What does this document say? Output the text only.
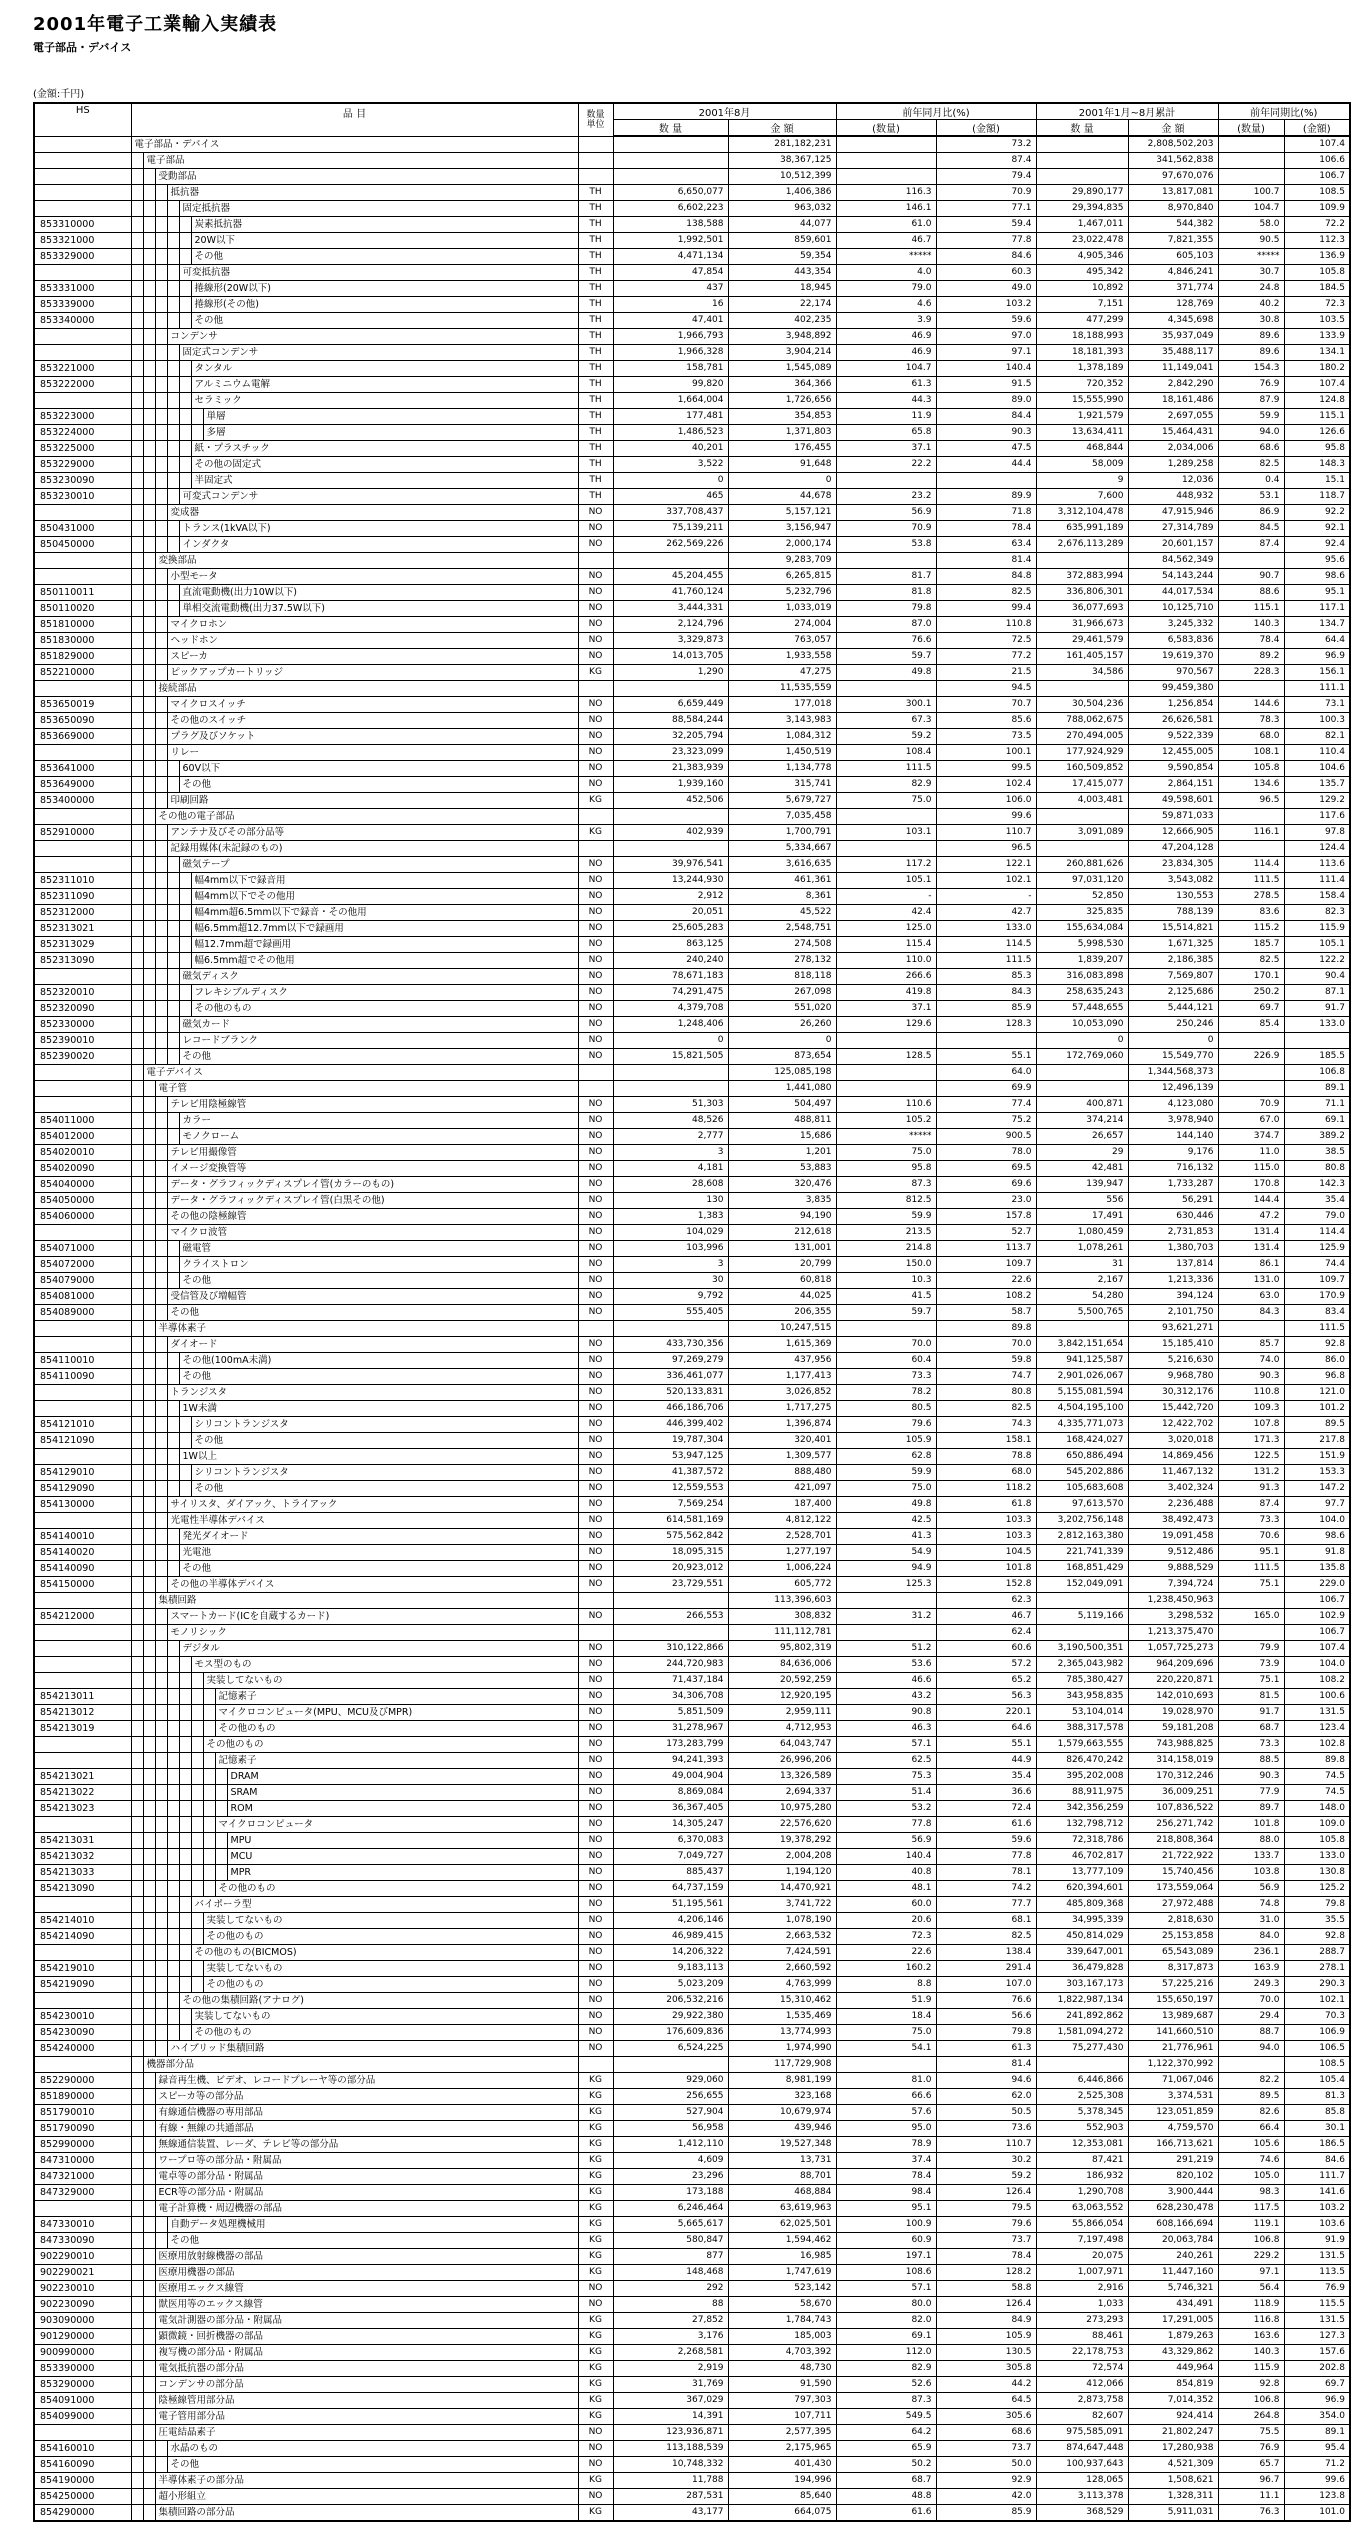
2001年電子工業輸入実績表
電子部品・デバイス
(金額:千円)
HS	品 目	数量
単位	2001年8月		前年同月比(%)		2001年1月~8月累計		前年同期比(%)	
			数 量	金 額	(数量)	(金額)	数 量	金 額	(数量)	(金額)

	電子部品・デバイス			281,182,231		73.2		2,808,502,203		107.4

	電子部品			38,367,125		87.4		341,562,838		106.6

	受動部品			10,512,399		79.4		97,670,076		106.7

	抵抗器	TH	6,650,077	1,406,386	116.3	70.9	29,890,177	13,817,081	100.7	108.5

	固定抵抗器	TH	6,602,223	963,032	146.1	77.1	29,394,835	8,970,840	104.7	109.9
853310000	炭素抵抗器	TH	138,588	44,077	61.0	59.4	1,467,011	544,382	58.0	72.2
853321000	20W以下	TH	1,992,501	859,601	46.7	77.8	23,022,478	7,821,355	90.5	112.3
853329000	その他	TH	4,471,134	59,354	*****	84.6	4,905,346	605,103	*****	136.9

	可変抵抗器	TH	47,854	443,354	4.0	60.3	495,342	4,846,241	30.7	105.8
853331000	捲線形(20W以下)	TH	437	18,945	79.0	49.0	10,892	371,774	24.8	184.5
853339000	捲線形(その他)	TH	16	22,174	4.6	103.2	7,151	128,769	40.2	72.3
853340000	その他	TH	47,401	402,235	3.9	59.6	477,299	4,345,698	30.8	103.5

	コンデンサ	TH	1,966,793	3,948,892	46.9	97.0	18,188,993	35,937,049	89.6	133.9

	固定式コンデンサ	TH	1,966,328	3,904,214	46.9	97.1	18,181,393	35,488,117	89.6	134.1
853221000	タンタル	TH	158,781	1,545,089	104.7	140.4	1,378,189	11,149,041	154.3	180.2
853222000	アルミニウム電解	TH	99,820	364,366	61.3	91.5	720,352	2,842,290	76.9	107.4

	セラミック	TH	1,664,004	1,726,656	44.3	89.0	15,555,990	18,161,486	87.9	124.8
853223000	単層	TH	177,481	354,853	11.9	84.4	1,921,579	2,697,055	59.9	115.1
853224000	多層	TH	1,486,523	1,371,803	65.8	90.3	13,634,411	15,464,431	94.0	126.6
853225000	紙・プラスチック	TH	40,201	176,455	37.1	47.5	468,844	2,034,006	68.6	95.8
853229000	その他の固定式	TH	3,522	91,648	22.2	44.4	58,009	1,289,258	82.5	148.3
853230090	半固定式	TH	0	0			9	12,036	0.4	15.1
853230010	可変式コンデンサ	TH	465	44,678	23.2	89.9	7,600	448,932	53.1	118.7

	変成器	NO	337,708,437	5,157,121	56.9	71.8	3,312,104,478	47,915,946	86.9	92.2
850431000	トランス(1kVA以下)	NO	75,139,211	3,156,947	70.9	78.4	635,991,189	27,314,789	84.5	92.1
850450000	インダクタ	NO	262,569,226	2,000,174	53.8	63.4	2,676,113,289	20,601,157	87.4	92.4

	変換部品			9,283,709		81.4		84,562,349		95.6

	小型モータ	NO	45,204,455	6,265,815	81.7	84.8	372,883,994	54,143,244	90.7	98.6
850110011	直流電動機(出力10W以下)	NO	41,760,124	5,232,796	81.8	82.5	336,806,301	44,017,534	88.6	95.1
850110020	単相交流電動機(出力37.5W以下)	NO	3,444,331	1,033,019	79.8	99.4	36,077,693	10,125,710	115.1	117.1
851810000	マイクロホン	NO	2,124,796	274,004	87.0	110.8	31,966,673	3,245,332	140.3	134.7
851830000	ヘッドホン	NO	3,329,873	763,057	76.6	72.5	29,461,579	6,583,836	78.4	64.4
851829000	スピーカ	NO	14,013,705	1,933,558	59.7	77.2	161,405,157	19,619,370	89.2	96.9
852210000	ピックアップカートリッジ	KG	1,290	47,275	49.8	21.5	34,586	970,567	228.3	156.1

	接続部品			11,535,559		94.5		99,459,380		111.1
853650019	マイクロスイッチ	NO	6,659,449	177,018	300.1	70.7	30,504,236	1,256,854	144.6	73.1
853650090	その他のスイッチ	NO	88,584,244	3,143,983	67.3	85.6	788,062,675	26,626,581	78.3	100.3
853669000	プラグ及びソケット	NO	32,205,794	1,084,312	59.2	73.5	270,494,005	9,522,339	68.0	82.1

	リレー	NO	23,323,099	1,450,519	108.4	100.1	177,924,929	12,455,005	108.1	110.4
853641000	60V以下	NO	21,383,939	1,134,778	111.5	99.5	160,509,852	9,590,854	105.8	104.6
853649000	その他	NO	1,939,160	315,741	82.9	102.4	17,415,077	2,864,151	134.6	135.7
853400000	印刷回路	KG	452,506	5,679,727	75.0	106.0	4,003,481	49,598,601	96.5	129.2

	その他の電子部品			7,035,458		99.6		59,871,033		117.6
852910000	アンテナ及びその部分品等	KG	402,939	1,700,791	103.1	110.7	3,091,089	12,666,905	116.1	97.8

	記録用媒体(未記録のもの)			5,334,667		96.5		47,204,128		124.4

	磁気テープ	NO	39,976,541	3,616,635	117.2	122.1	260,881,626	23,834,305	114.4	113.6
852311010	幅4mm以下で録音用	NO	13,244,930	461,361	105.1	102.1	97,031,120	3,543,082	111.5	111.4
852311090	幅4mm以下でその他用	NO	2,912	8,361	-	-	52,850	130,553	278.5	158.4
852312000	幅4mm超6.5mm以下で録音・その他用	NO	20,051	45,522	42.4	42.7	325,835	788,139	83.6	82.3
852313021	幅6.5mm超12.7mm以下で録画用	NO	25,605,283	2,548,751	125.0	133.0	155,634,084	15,514,821	115.2	115.9
852313029	幅12.7mm超で録画用	NO	863,125	274,508	115.4	114.5	5,998,530	1,671,325	185.7	105.1
852313090	幅6.5mm超でその他用	NO	240,240	278,132	110.0	111.5	1,839,207	2,186,385	82.5	122.2

	磁気ディスク	NO	78,671,183	818,118	266.6	85.3	316,083,898	7,569,807	170.1	90.4
852320010	フレキシブルディスク	NO	74,291,475	267,098	419.8	84.3	258,635,243	2,125,686	250.2	87.1
852320090	その他のもの	NO	4,379,708	551,020	37.1	85.9	57,448,655	5,444,121	69.7	91.7
852330000	磁気カード	NO	1,248,406	26,260	129.6	128.3	10,053,090	250,246	85.4	133.0
852390010	レコードブランク	NO	0	0			0	0		
852390020	その他	NO	15,821,505	873,654	128.5	55.1	172,769,060	15,549,770	226.9	185.5

	電子デバイス			125,085,198		64.0		1,344,568,373		106.8

	電子管			1,441,080		69.9		12,496,139		89.1

	テレビ用陰極線管	NO	51,303	504,497	110.6	77.4	400,871	4,123,080	70.9	71.1
854011000	カラー	NO	48,526	488,811	105.2	75.2	374,214	3,978,940	67.0	69.1
854012000	モノクローム	NO	2,777	15,686	*****	900.5	26,657	144,140	374.7	389.2
854020010	テレビ用撮像管	NO	3	1,201	75.0	78.0	29	9,176	11.0	38.5
854020090	イメージ変換管等	NO	4,181	53,883	95.8	69.5	42,481	716,132	115.0	80.8
854040000	データ・グラフィックディスプレイ管(カラーのもの)	NO	28,608	320,476	87.3	69.6	139,947	1,733,287	170.8	142.3
854050000	データ・グラフィックディスプレイ管(白黒その他)	NO	130	3,835	812.5	23.0	556	56,291	144.4	35.4
854060000	その他の陰極線管	NO	1,383	94,190	59.9	157.8	17,491	630,446	47.2	79.0

	マイクロ波管	NO	104,029	212,618	213.5	52.7	1,080,459	2,731,853	131.4	114.4
854071000	磁電管	NO	103,996	131,001	214.8	113.7	1,078,261	1,380,703	131.4	125.9
854072000	クライストロン	NO	3	20,799	150.0	109.7	31	137,814	86.1	74.4
854079000	その他	NO	30	60,818	10.3	22.6	2,167	1,213,336	131.0	109.7
854081000	受信管及び増幅管	NO	9,792	44,025	41.5	108.2	54,280	394,124	63.0	170.9
854089000	その他	NO	555,405	206,355	59.7	58.7	5,500,765	2,101,750	84.3	83.4

	半導体素子			10,247,515		89.8		93,621,271		111.5

	ダイオード	NO	433,730,356	1,615,369	70.0	70.0	3,842,151,654	15,185,410	85.7	92.8
854110010	その他(100mA未満)	NO	97,269,279	437,956	60.4	59.8	941,125,587	5,216,630	74.0	86.0
854110090	その他	NO	336,461,077	1,177,413	73.3	74.7	2,901,026,067	9,968,780	90.3	96.8

	トランジスタ	NO	520,133,831	3,026,852	78.2	80.8	5,155,081,594	30,312,176	110.8	121.0

	1W未満	NO	466,186,706	1,717,275	80.5	82.5	4,504,195,100	15,442,720	109.3	101.2
854121010	シリコントランジスタ	NO	446,399,402	1,396,874	79.6	74.3	4,335,771,073	12,422,702	107.8	89.5
854121090	その他	NO	19,787,304	320,401	105.9	158.1	168,424,027	3,020,018	171.3	217.8

	1W以上	NO	53,947,125	1,309,577	62.8	78.8	650,886,494	14,869,456	122.5	151.9
854129010	シリコントランジスタ	NO	41,387,572	888,480	59.9	68.0	545,202,886	11,467,132	131.2	153.3
854129090	その他	NO	12,559,553	421,097	75.0	118.2	105,683,608	3,402,324	91.3	147.2
854130000	サイリスタ、ダイアック、トライアック	NO	7,569,254	187,400	49.8	61.8	97,613,570	2,236,488	87.4	97.7

	光電性半導体デバイス	NO	614,581,169	4,812,122	42.5	103.3	3,202,756,148	38,492,473	73.3	104.0
854140010	発光ダイオード	NO	575,562,842	2,528,701	41.3	103.3	2,812,163,380	19,091,458	70.6	98.6
854140020	光電池	NO	18,095,315	1,277,197	54.9	104.5	221,741,339	9,512,486	95.1	91.8
854140090	その他	NO	20,923,012	1,006,224	94.9	101.8	168,851,429	9,888,529	111.5	135.8
854150000	その他の半導体デバイス	NO	23,729,551	605,772	125.3	152.8	152,049,091	7,394,724	75.1	229.0

	集積回路			113,396,603		62.3		1,238,450,963		106.7
854212000	スマートカード(ICを自蔵するカード)	NO	266,553	308,832	31.2	46.7	5,119,166	3,298,532	165.0	102.9

	モノリシック			111,112,781		62.4		1,213,375,470		106.7

	デジタル	NO	310,122,866	95,802,319	51.2	60.6	3,190,500,351	1,057,725,273	79.9	107.4

	モス型のもの	NO	244,720,983	84,636,006	53.6	57.2	2,365,043,982	964,209,696	73.9	104.0

	実装してないもの	NO	71,437,184	20,592,259	46.6	65.2	785,380,427	220,220,871	75.1	108.2
854213011	記憶素子	NO	34,306,708	12,920,195	43.2	56.3	343,958,835	142,010,693	81.5	100.6
854213012	マイクロコンピュータ(MPU、MCU及びMPR)	NO	5,851,509	2,959,111	90.8	220.1	53,104,014	19,028,970	91.7	131.5
854213019	その他のもの	NO	31,278,967	4,712,953	46.3	64.6	388,317,578	59,181,208	68.7	123.4

	その他のもの	NO	173,283,799	64,043,747	57.1	55.1	1,579,663,555	743,988,825	73.3	102.8

	記憶素子	NO	94,241,393	26,996,206	62.5	44.9	826,470,242	314,158,019	88.5	89.8
854213021	DRAM	NO	49,004,904	13,326,589	75.3	35.4	395,202,008	170,312,246	90.3	74.5
854213022	SRAM	NO	8,869,084	2,694,337	51.4	36.6	88,911,975	36,009,251	77.9	74.5
854213023	ROM	NO	36,367,405	10,975,280	53.2	72.4	342,356,259	107,836,522	89.7	148.0

	マイクロコンピュータ	NO	14,305,247	22,576,620	77.8	61.6	132,798,712	256,271,742	101.8	109.0
854213031	MPU	NO	6,370,083	19,378,292	56.9	59.6	72,318,786	218,808,364	88.0	105.8
854213032	MCU	NO	7,049,727	2,004,208	140.4	77.8	46,702,817	21,722,922	133.7	133.0
854213033	MPR	NO	885,437	1,194,120	40.8	78.1	13,777,109	15,740,456	103.8	130.8
854213090	その他のもの	NO	64,737,159	14,470,921	48.1	74.2	620,394,601	173,559,064	56.9	125.2

	バイポーラ型	NO	51,195,561	3,741,722	60.0	77.7	485,809,368	27,972,488	74.8	79.8
854214010	実装してないもの	NO	4,206,146	1,078,190	20.6	68.1	34,995,339	2,818,630	31.0	35.5
854214090	その他のもの	NO	46,989,415	2,663,532	72.3	82.5	450,814,029	25,153,858	84.0	92.8

	その他のもの(BICMOS)	NO	14,206,322	7,424,591	22.6	138.4	339,647,001	65,543,089	236.1	288.7
854219010	実装してないもの	NO	9,183,113	2,660,592	160.2	291.4	36,479,828	8,317,873	163.9	278.1
854219090	その他のもの	NO	5,023,209	4,763,999	8.8	107.0	303,167,173	57,225,216	249.3	290.3

	その他の集積回路(アナログ)	NO	206,532,216	15,310,462	51.9	76.6	1,822,987,134	155,650,197	70.0	102.1
854230010	実装してないもの	NO	29,922,380	1,535,469	18.4	56.6	241,892,862	13,989,687	29.4	70.3
854230090	その他のもの	NO	176,609,836	13,774,993	75.0	79.8	1,581,094,272	141,660,510	88.7	106.9
854240000	ハイブリッド集積回路	NO	6,524,225	1,974,990	54.1	61.3	75,277,430	21,776,961	94.0	106.5

	機器部分品			117,729,908		81.4		1,122,370,992		108.5
852290000	録音再生機、ビデオ、レコードプレーヤ等の部分品	KG	929,060	8,981,199	81.0	94.6	6,446,866	71,067,046	82.2	105.4
851890000	スピーカ等の部分品	KG	256,655	323,168	66.6	62.0	2,525,308	3,374,531	89.5	81.3
851790010	有線通信機器の専用部品	KG	527,904	10,679,974	57.6	50.5	5,378,345	123,051,859	82.6	85.8
851790090	有線・無線の共通部品	KG	56,958	439,946	95.0	73.6	552,903	4,759,570	66.4	30.1
852990000	無線通信装置、レーダ、テレビ等の部分品	KG	1,412,110	19,527,348	78.9	110.7	12,353,081	166,713,621	105.6	186.5
847310000	ワープロ等の部分品・附属品	KG	4,609	13,731	37.4	30.2	87,421	291,219	74.6	84.6
847321000	電卓等の部分品・附属品	KG	23,296	88,701	78.4	59.2	186,932	820,102	105.0	111.7
847329000	ECR等の部分品・附属品	KG	173,188	468,884	98.4	126.4	1,290,708	3,900,444	98.3	141.6

	電子計算機・周辺機器の部品	KG	6,246,464	63,619,963	95.1	79.5	63,063,552	628,230,478	117.5	103.2
847330010	自動データ処理機械用	KG	5,665,617	62,025,501	100.9	79.6	55,866,054	608,166,694	119.1	103.6
847330090	その他	KG	580,847	1,594,462	60.9	73.7	7,197,498	20,063,784	106.8	91.9
902290010	医療用放射線機器の部品	KG	877	16,985	197.1	78.4	20,075	240,261	229.2	131.5
902290021	医療用機器の部品	KG	148,468	1,747,619	108.6	128.2	1,007,971	11,447,160	97.1	113.5
902230010	医療用エックス線管	NO	292	523,142	57.1	58.8	2,916	5,746,321	56.4	76.9
902230090	獣医用等のエックス線管	NO	88	58,670	80.0	126.4	1,033	434,491	118.9	115.5
903090000	電気計測器の部分品・附属品	KG	27,852	1,784,743	82.0	84.9	273,293	17,291,005	116.8	131.5
901290000	顕微鏡・回折機器の部品	KG	3,176	185,003	69.1	105.9	88,461	1,879,263	163.6	127.3
900990000	複写機の部分品・附属品	KG	2,268,581	4,703,392	112.0	130.5	22,178,753	43,329,862	140.3	157.6
853390000	電気抵抗器の部分品	KG	2,919	48,730	82.9	305.8	72,574	449,964	115.9	202.8
853290000	コンデンサの部分品	KG	31,769	91,590	52.6	44.2	412,066	854,819	92.8	69.7
854091000	陰極線管用部分品	KG	367,029	797,303	87.3	64.5	2,873,758	7,014,352	106.8	96.9
854099000	電子管用部分品	KG	14,391	107,711	549.5	305.6	82,607	924,414	264.8	354.0

	圧電結晶素子	NO	123,936,871	2,577,395	64.2	68.6	975,585,091	21,802,247	75.5	89.1
854160010	水晶のもの	NO	113,188,539	2,175,965	65.9	73.7	874,647,448	17,280,938	76.9	95.4
854160090	その他	NO	10,748,332	401,430	50.2	50.0	100,937,643	4,521,309	65.7	71.2
854190000	半導体素子の部分品	KG	11,788	194,996	68.7	92.9	128,065	1,508,621	96.7	99.6
854250000	超小形組立	NO	287,531	85,640	48.8	42.0	3,113,378	1,328,311	11.1	123.8
854290000	集積回路の部分品	KG	43,177	664,075	61.6	85.9	368,529	5,911,031	76.3	101.0
